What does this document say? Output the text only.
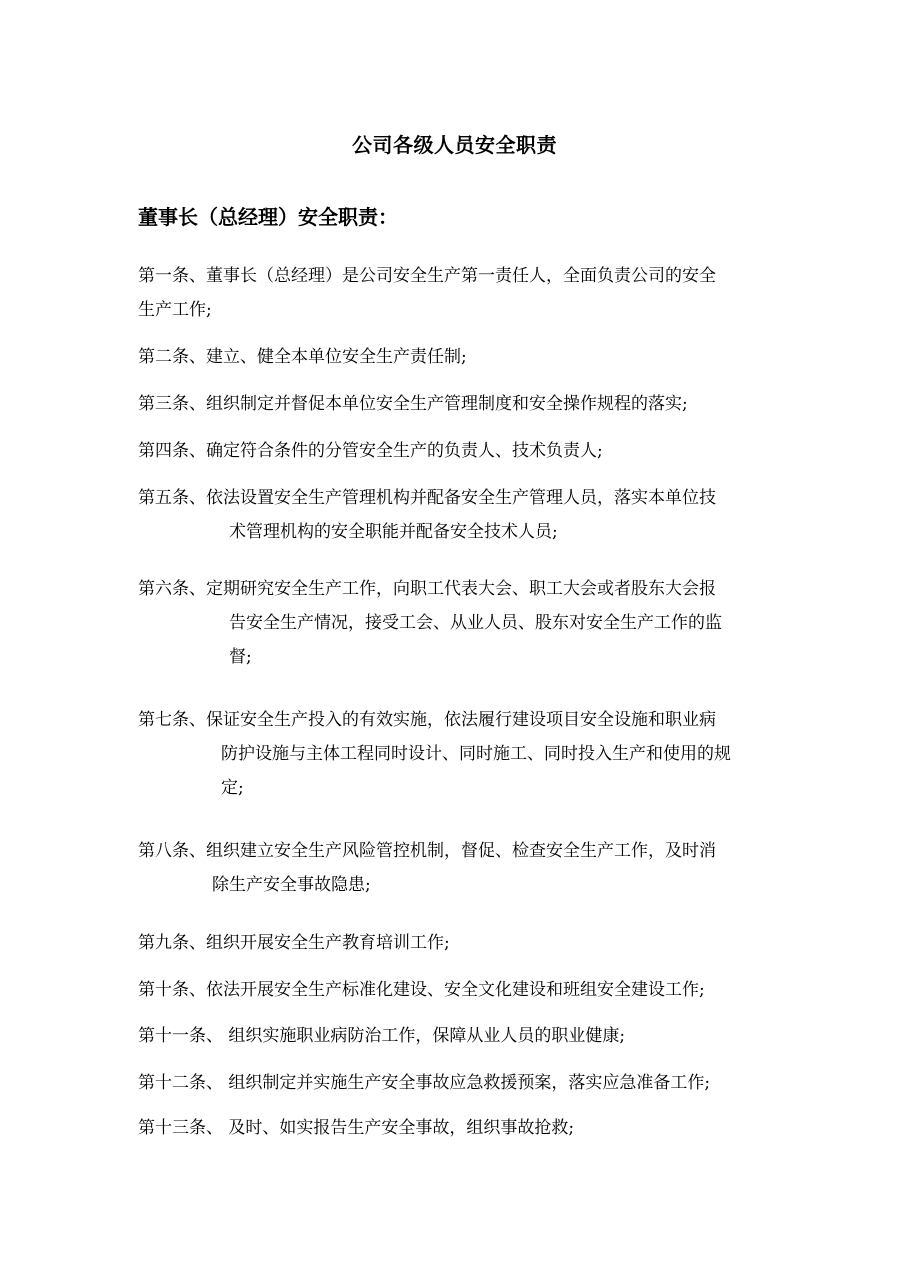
公司各级人员安全职责
董事长（总经理）安全职责：
第一条、董事长（总经理）是公司安全生产第一责任人，全面负责公司的安全
生产工作;
第二条、建立、健全本单位安全生产责任制;
第三条、组织制定并督促本单位安全生产管理制度和安全操作规程的落实;
第四条、确定符合条件的分管安全生产的负责人、技术负责人;
第五条、依法设置安全生产管理机构并配备安全生产管理人员，落实本单位技
术管理机构的安全职能并配备安全技术人员;
第六条、定期研究安全生产工作，向职工代表大会、职工大会或者股东大会报
告安全生产情况，接受工会、从业人员、股东对安全生产工作的监
督;
第七条、保证安全生产投入的有效实施，依法履行建设项目安全设施和职业病
防护设施与主体工程同时设计、同时施工、同时投入生产和使用的规
定;
第八条、组织建立安全生产风险管控机制，督促、检查安全生产工作，及时消
除生产安全事故隐患;
第九条、组织开展安全生产教育培训工作;
第十条、依法开展安全生产标准化建设、安全文化建设和班组安全建设工作;
第十一条、 组织实施职业病防治工作，保障从业人员的职业健康;
第十二条、 组织制定并实施生产安全事故应急救援预案，落实应急准备工作;
第十三条、 及时、如实报告生产安全事故，组织事故抢救;
